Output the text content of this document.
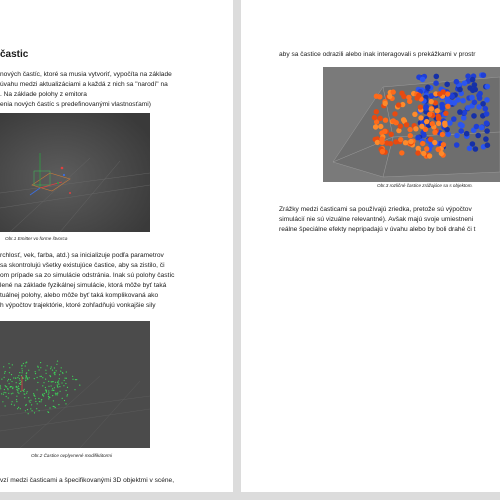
častic
nových častíc, ktoré sa musia vytvoriť, vypočíta na základe
úvahu medzi aktualizáciami a každá z nich sa "narodí" na
. Na základe polohy z emitora
enia nových častíc s predefinovanými vlastnosťami)
Obr.1 Emitter vo forme štvorca
rchlosť, vek, farba, atd.) sa inicializuje podľa parametrov
sa skontrolujú všetky existujúce častice, aby sa zistilo, či
om prípade sa zo simulácie odstránia. Inak sú polohy častíc
lené na základe fyzikálnej simulácie, ktorá môže byť taká
tuálnej polohy, alebo môže byť taká komplikovaná ako
h výpočtov trajektórie, ktoré zohľadňujú vonkajšie sily
Obr.2 Častice ovplyvnené modifikátormi
vzí medzi časticami a špecifikovanými 3D objektmi v scéne,
aby sa častice odrazili alebo inak interagovali s prekážkami v prostr
Obr.3 rozličné častice zrážajúce sa s objektom.
Zrážky medzi časticami sa používajú zriedka, pretože sú výpočtov
simulácií nie sú vizuálne relevantné). Avšak majú svoje umiestneni
reálne špeciálne efekty nepripadajú v úvahu alebo by boli drahé či t
